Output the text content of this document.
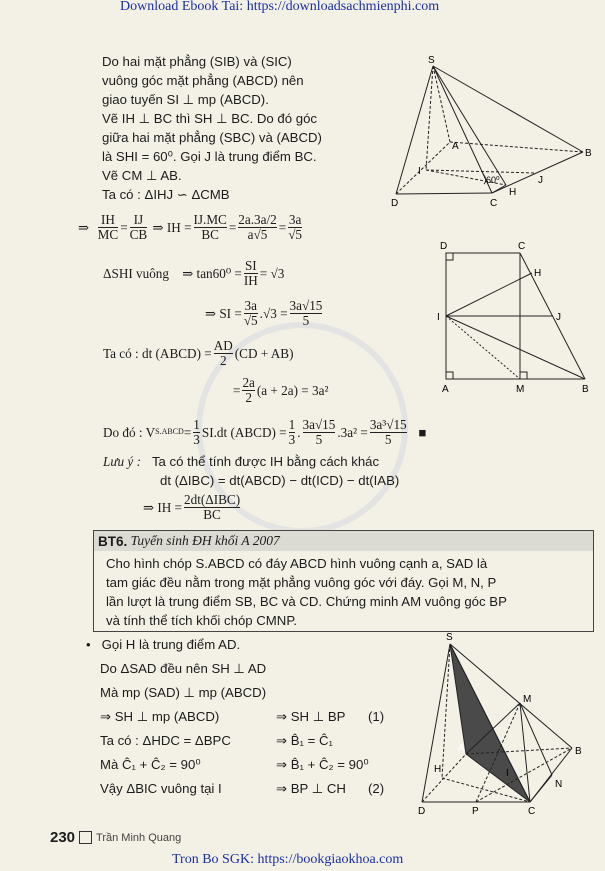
Download Ebook Tai: https://downloadsachmienphi.com
Tron Bo SGK: https://bookgiaokhoa.com
Do hai mặt phẳng (SIB) và (SIC)
vuông góc mặt phẳng (ABCD) nên
giao tuyến SI ⊥ mp (ABCD).
Vẽ IH ⊥ BC thì SH ⊥ BC. Do đó góc
giữa hai mặt phẳng (SBC) và (ABCD)
là SHI = 60⁰. Gọi J là trung điểm BC.
Vẽ CM ⊥ AB.
Ta có : ΔIHJ ∽ ΔCMB
S
A
B
C
D
I
H
J
60⁰
⇒
$\frac{IH}{MC} = \frac{IJ}{CB}$
⇒ IH = $\frac{IJ.MC}{BC} = \frac{2a.3a/2}{a√5} = \frac{3a}{√5}$
ΔSHI vuông
⇒ $\tan 60^0 = \frac{SI}{IH} = √3$
⇒ SI = $\frac{3a}{√5} .√3 = \frac{3a√15}{5}$
D	C
H
I	J
A	M	B
Ta có : dt (ABCD) = $\frac{AD}{2} (CD + AB)$
= $\frac{2a}{2} (a + 2a) = 3a^2$
Do đó : V S.ABCD = $\frac{1}{3} SI.dt$ (ABCD) = $\frac{1}{3}$ . $\frac{3a√15}{5} .3a^2 = \frac{\text{3a³√15}}{5}$
■
Lưu ý : Ta có thể tính được IH bằng cách khác
dt (ΔIBC) = dt(ABCD) − dt(ICD) − dt(IAB)
⇒ IH = $\frac{\text{2dt(ΔIBC)}}{BC}$
BT6.
Tuyển sinh ĐH khối A 2007
Cho hình chóp S.ABCD có đáy ABCD hình vuông cạnh a, SAD là
tam giác đều nằm trong mặt phẳng vuông góc với đáy. Gọi M, N, P
lần lượt là trung điểm SB, BC và CD. Chứng minh AM vuông góc BP
và tính thể tích khối chóp CMNP.
• Gọi H là trung điểm AD.
Do ΔSAD đều nên SH ⊥ AD
Mà mp (SAD) ⊥ mp (ABCD)
⇒ SH ⊥ mp (ABCD)	⇒ SH ⊥ BP (1)
Ta có : ΔHDC = ΔBPC	⇒ B̂₁ = Ĉ₁
Mà Ĉ₁ + Ĉ₂ = 90⁰	⇒ B̂₁ + Ĉ₂ = 90⁰
Vậy ΔBIC vuông tại I	⇒ BP ⊥ CH (2)
S
M
A	B
H	I
N
D	P	C
230 Trần Minh Quang
